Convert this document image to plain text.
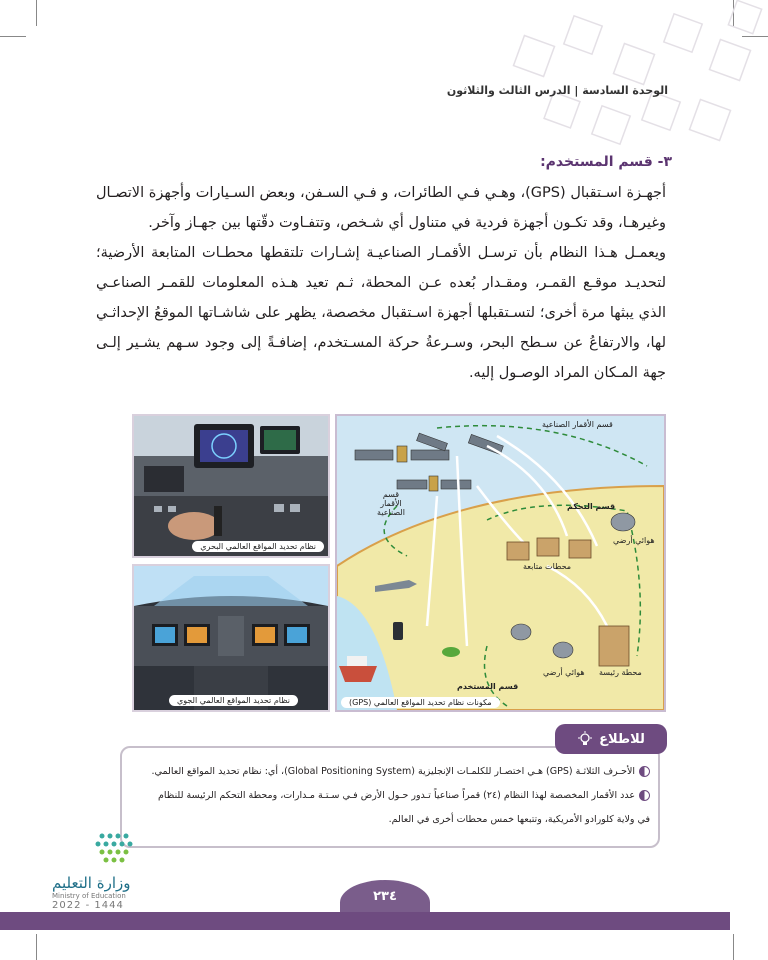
الوحدة السادسة | الدرس الثالث والثلاثون
٣- قسم المستخدم:

أجهـزة اسـتقبال (GPS)، وهـي فـي الطائرات، و فـي السـفن، وبعض السـيارات وأجهزة الاتصـال وغيرهـا، وقد تكـون أجهزة فردية في متناول أي شـخص، وتتفـاوت دقّتها بين جهـاز وآخر.

ويعمـل هـذا النظام بأن ترسـل الأقمـار الصناعيـة إشـارات تلتقطها محطـات المتابعة الأرضية؛ لتحديـد موقـع القمـر، ومقـدار بُعده عـن المحطة، ثـم تعيد هـذه المعلومات للقمـر الصناعـي الذي يبثها مرة أخرى؛ لتسـتقبلها أجهزة اسـتقبال مخصصة، يظهر على شاشـاتها الموقعُ الإحداثـي لها، والارتفاعُ عن سـطح البحر، وسـرعةُ حركة المسـتخدم، إضافـةً إلى وجود سـهم يشـير إلـى جهة المـكان المراد الوصـول إليه.

نظام تحديد المواقع العالمي البحري
نظام تحديد المواقع العالمي الجوي
قسم الأقمار الصناعية
قسم الأقمار الصناعية
قسم التحكم
هوائي أرضي
محطات متابعة
هوائي أرضي محطة رئيسة
قسم المستخدم
مكونات نظام تحديد المواقع العالمي (GPS)
للاطلاع
الأحـرف الثلاثـة (GPS) هـي اختصـار للكلمـات الإنجليزية (Global Positioning System)، أي: نظام تحديد المواقع العالمي.
عدد الأقمار المخصصة لهذا النظام (٢٤) قمراً صناعياً تـدور حـول الأرض فـي سـتـة مـدارات، ومحطة التحكم الرئيسة للنظام
في ولاية كلورادو الأمريكية، وتتبعها خمس محطات أخرى في العالم.
وزارة التعليم
Ministry of Education
2022 - 1444
٢٣٤
